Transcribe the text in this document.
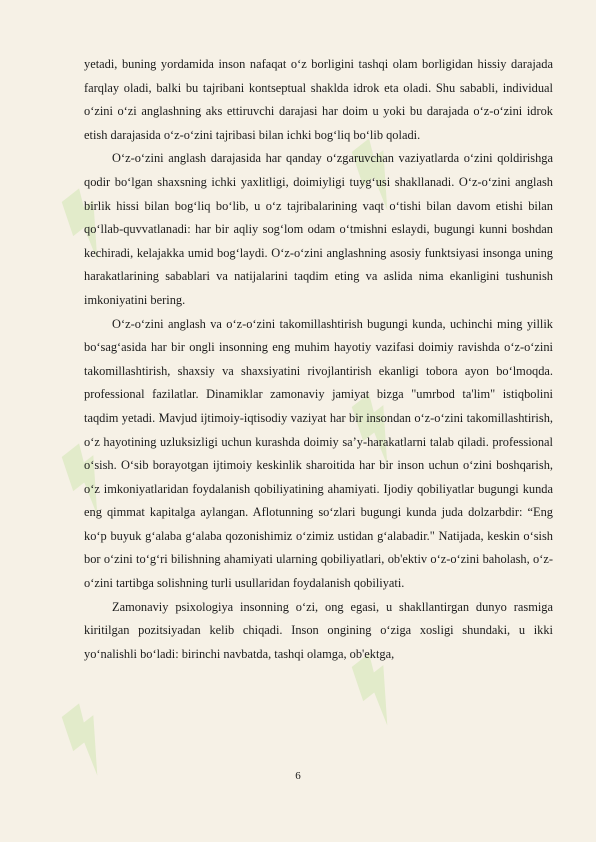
yetadi, buning yordamida inson nafaqat o‘z borligini tashqi olam borligidan hissiy darajada farqlay oladi, balki bu tajribani kontseptual shaklda idrok eta oladi. Shu sababli, individual o‘zini o‘zi anglashning aks ettiruvchi darajasi har doim u yoki bu darajada o‘z-o‘zini idrok etish darajasida o‘z-o‘zini tajribasi bilan ichki bog‘liq bo‘lib qoladi.

O‘z-o‘zini anglash darajasida har qanday o‘zgaruvchan vaziyatlarda o‘zini qoldirishga qodir bo‘lgan shaxsning ichki yaxlitligi, doimiyligi tuyg‘usi shakllanadi. O‘z-o‘zini anglash birlik hissi bilan bog‘liq bo‘lib, u o‘z tajribalarining vaqt o‘tishi bilan davom etishi bilan qo‘llab-quvvatlanadi: har bir aqliy sog‘lom odam o‘tmishni eslaydi, bugungi kunni boshdan kechiradi, kelajakka umid bog‘laydi. O‘z-o‘zini anglashning asosiy funktsiyasi insonga uning harakatlarining sabablari va natijalarini taqdim eting va aslida nima ekanligini tushunish imkoniyatini bering.

O‘z-o‘zini anglash va o‘z-o‘zini takomillashtirish bugungi kunda, uchinchi ming yillik bo‘sag‘asida har bir ongli insonning eng muhim hayotiy vazifasi doimiy ravishda o‘z-o‘zini takomillashtirish, shaxsiy va shaxsiyatini rivojlantirish ekanligi tobora ayon bo‘lmoqda. professional fazilatlar. Dinamiklar zamonaviy jamiyat bizga "umrbod ta'lim" istiqbolini taqdim yetadi. Mavjud ijtimoiy-iqtisodiy vaziyat har bir insondan o‘z-o‘zini takomillashtirish, o‘z hayotining uzluksizligi uchun kurashda doimiy sa’y-harakatlarni talab qiladi. professional o‘sish. O‘sib borayotgan ijtimoiy keskinlik sharoitida har bir inson uchun o‘zini boshqarish, o‘z imkoniyatlaridan foydalanish qobiliyatining ahamiyati. Ijodiy qobiliyatlar bugungi kunda eng qimmat kapitalga aylangan. Aflotunning so‘zlari bugungi kunda juda dolzarbdir: “Eng ko‘p buyuk g‘alaba g‘alaba qozonishimiz o‘zimiz ustidan g‘alabadir." Natijada, keskin o‘sish bor o‘zini to‘g‘ri bilishning ahamiyati ularning qobiliyatlari, ob'ektiv o‘z-o‘zini baholash, o‘z-o‘zini tartibga solishning turli usullaridan foydalanish qobiliyati.

Zamonaviy psixologiya insonning o‘zi, ong egasi, u shakllantirgan dunyo rasmiga kiritilgan pozitsiyadan kelib chiqadi. Inson ongining o‘ziga xosligi shundaki, u ikki yo‘nalishli bo‘ladi: birinchi navbatda, tashqi olamga, ob'ektga,

6
